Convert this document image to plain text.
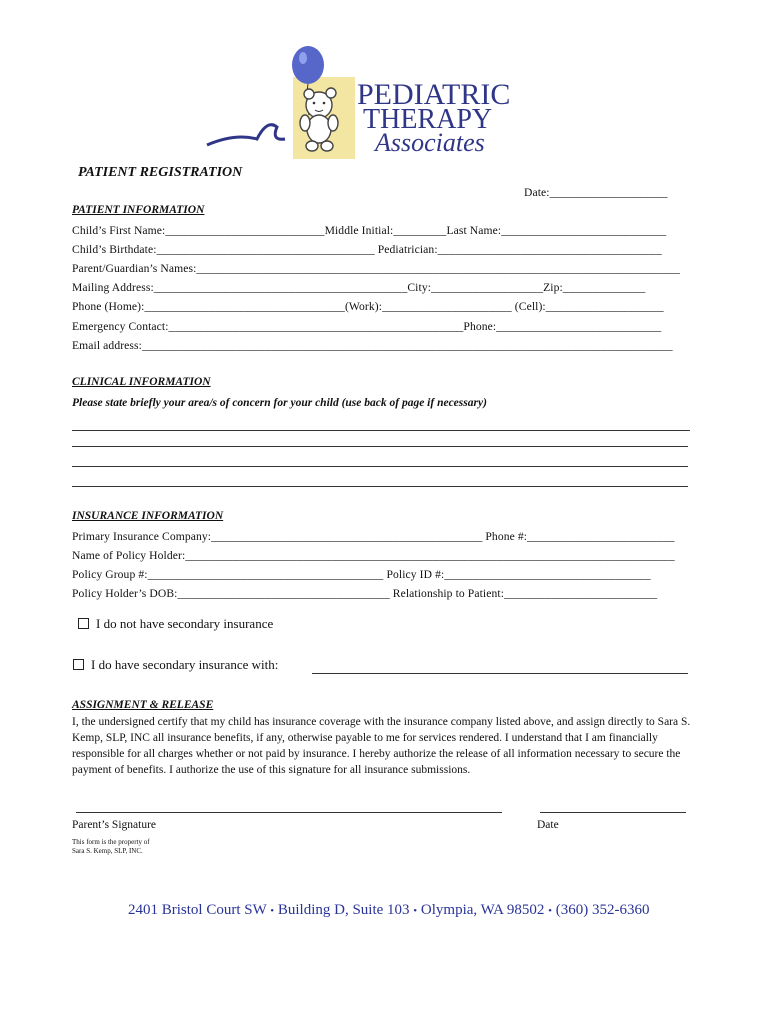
PEDIATRIC
THERAPY
Associates
PATIENT REGISTRATION
Date:____________________
PATIENT INFORMATION
Child’s First Name:___________________________Middle Initial:_________Last Name:____________________________
Child’s Birthdate:_____________________________________ Pediatrician:______________________________________
Parent/Guardian’s Names:__________________________________________________________________________________
Mailing Address:___________________________________________City:___________________Zip:______________
Phone (Home):__________________________________(Work):______________________ (Cell):____________________
Emergency Contact:__________________________________________________Phone:____________________________
Email address:__________________________________________________________________________________________
CLINICAL INFORMATION
Please state briefly your area/s of concern for your child (use back of page if necessary)
INSURANCE INFORMATION
Primary Insurance Company:______________________________________________ Phone #:_________________________
Name of Policy Holder:___________________________________________________________________________________
Policy Group #:________________________________________ Policy ID #:___________________________________
Policy Holder’s DOB:____________________________________ Relationship to Patient:__________________________
I do not have secondary insurance
I do have secondary insurance with:
ASSIGNMENT & RELEASE
I, the undersigned certify that my child has insurance coverage with the insurance company listed above, and assign directly to Sara S. Kemp, SLP, INC all insurance benefits, if any, otherwise payable to me for services rendered. I understand that I am financially responsible for all charges whether or not paid by insurance. I hereby authorize the release of all information necessary to secure the payment of benefits. I authorize the use of this signature for all insurance submissions.
Parent’s Signature	Date
This form is the property of
Sara S. Kemp, SLP, INC.
2401 Bristol Court SW • Building D, Suite 103 • Olympia, WA 98502 • (360) 352-6360
